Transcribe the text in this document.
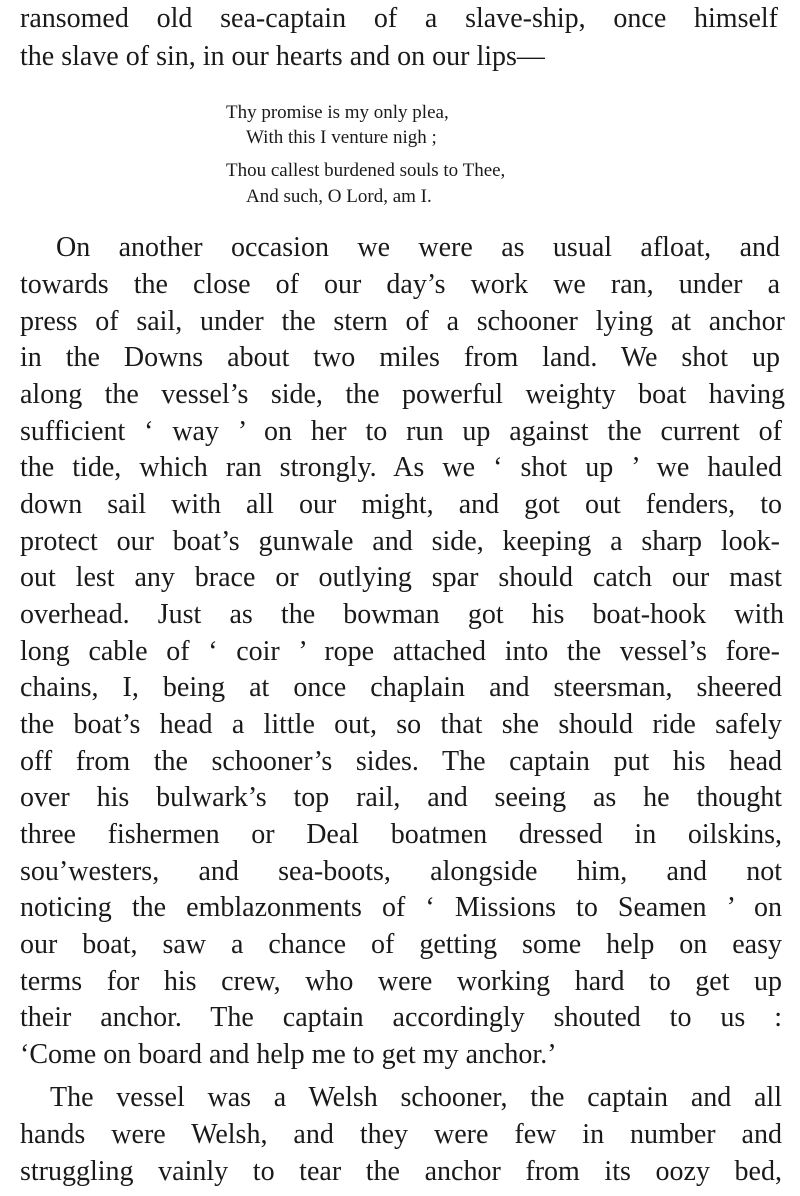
ransomed old sea-captain of a slave-ship, once himself
the slave of sin, in our hearts and on our lips—
Thy promise is my only plea,
With this I venture nigh ;
Thou callest burdened souls to Thee,
And such, O Lord, am I.
On another occasion we were as usual afloat, and
towards the close of our day’s work we ran, under a
press of sail, under the stern of a schooner lying at anchor
in the Downs about two miles from land. We shot up
along the vessel’s side, the powerful weighty boat having
sufficient ‘ way ’ on her to run up against the current of
the tide, which ran strongly. As we ‘ shot up ’ we hauled
down sail with all our might, and got out fenders, to
protect our boat’s gunwale and side, keeping a sharp look-
out lest any brace or outlying spar should catch our mast
overhead. Just as the bowman got his boat-hook with
long cable of ‘ coir ’ rope attached into the vessel’s fore-
chains, I, being at once chaplain and steersman, sheered
the boat’s head a little out, so that she should ride safely
off from the schooner’s sides. The captain put his head
over his bulwark’s top rail, and seeing as he thought
three fishermen or Deal boatmen dressed in oilskins,
sou’westers, and sea-boots, alongside him, and not
noticing the emblazonments of ‘ Missions to Seamen ’ on
our boat, saw a chance of getting some help on easy
terms for his crew, who were working hard to get up
their anchor. The captain accordingly shouted to us :
‘Come on board and help me to get my anchor.’
The vessel was a Welsh schooner, the captain and all
hands were Welsh, and they were few in number and
struggling vainly to tear the anchor from its oozy bed,
